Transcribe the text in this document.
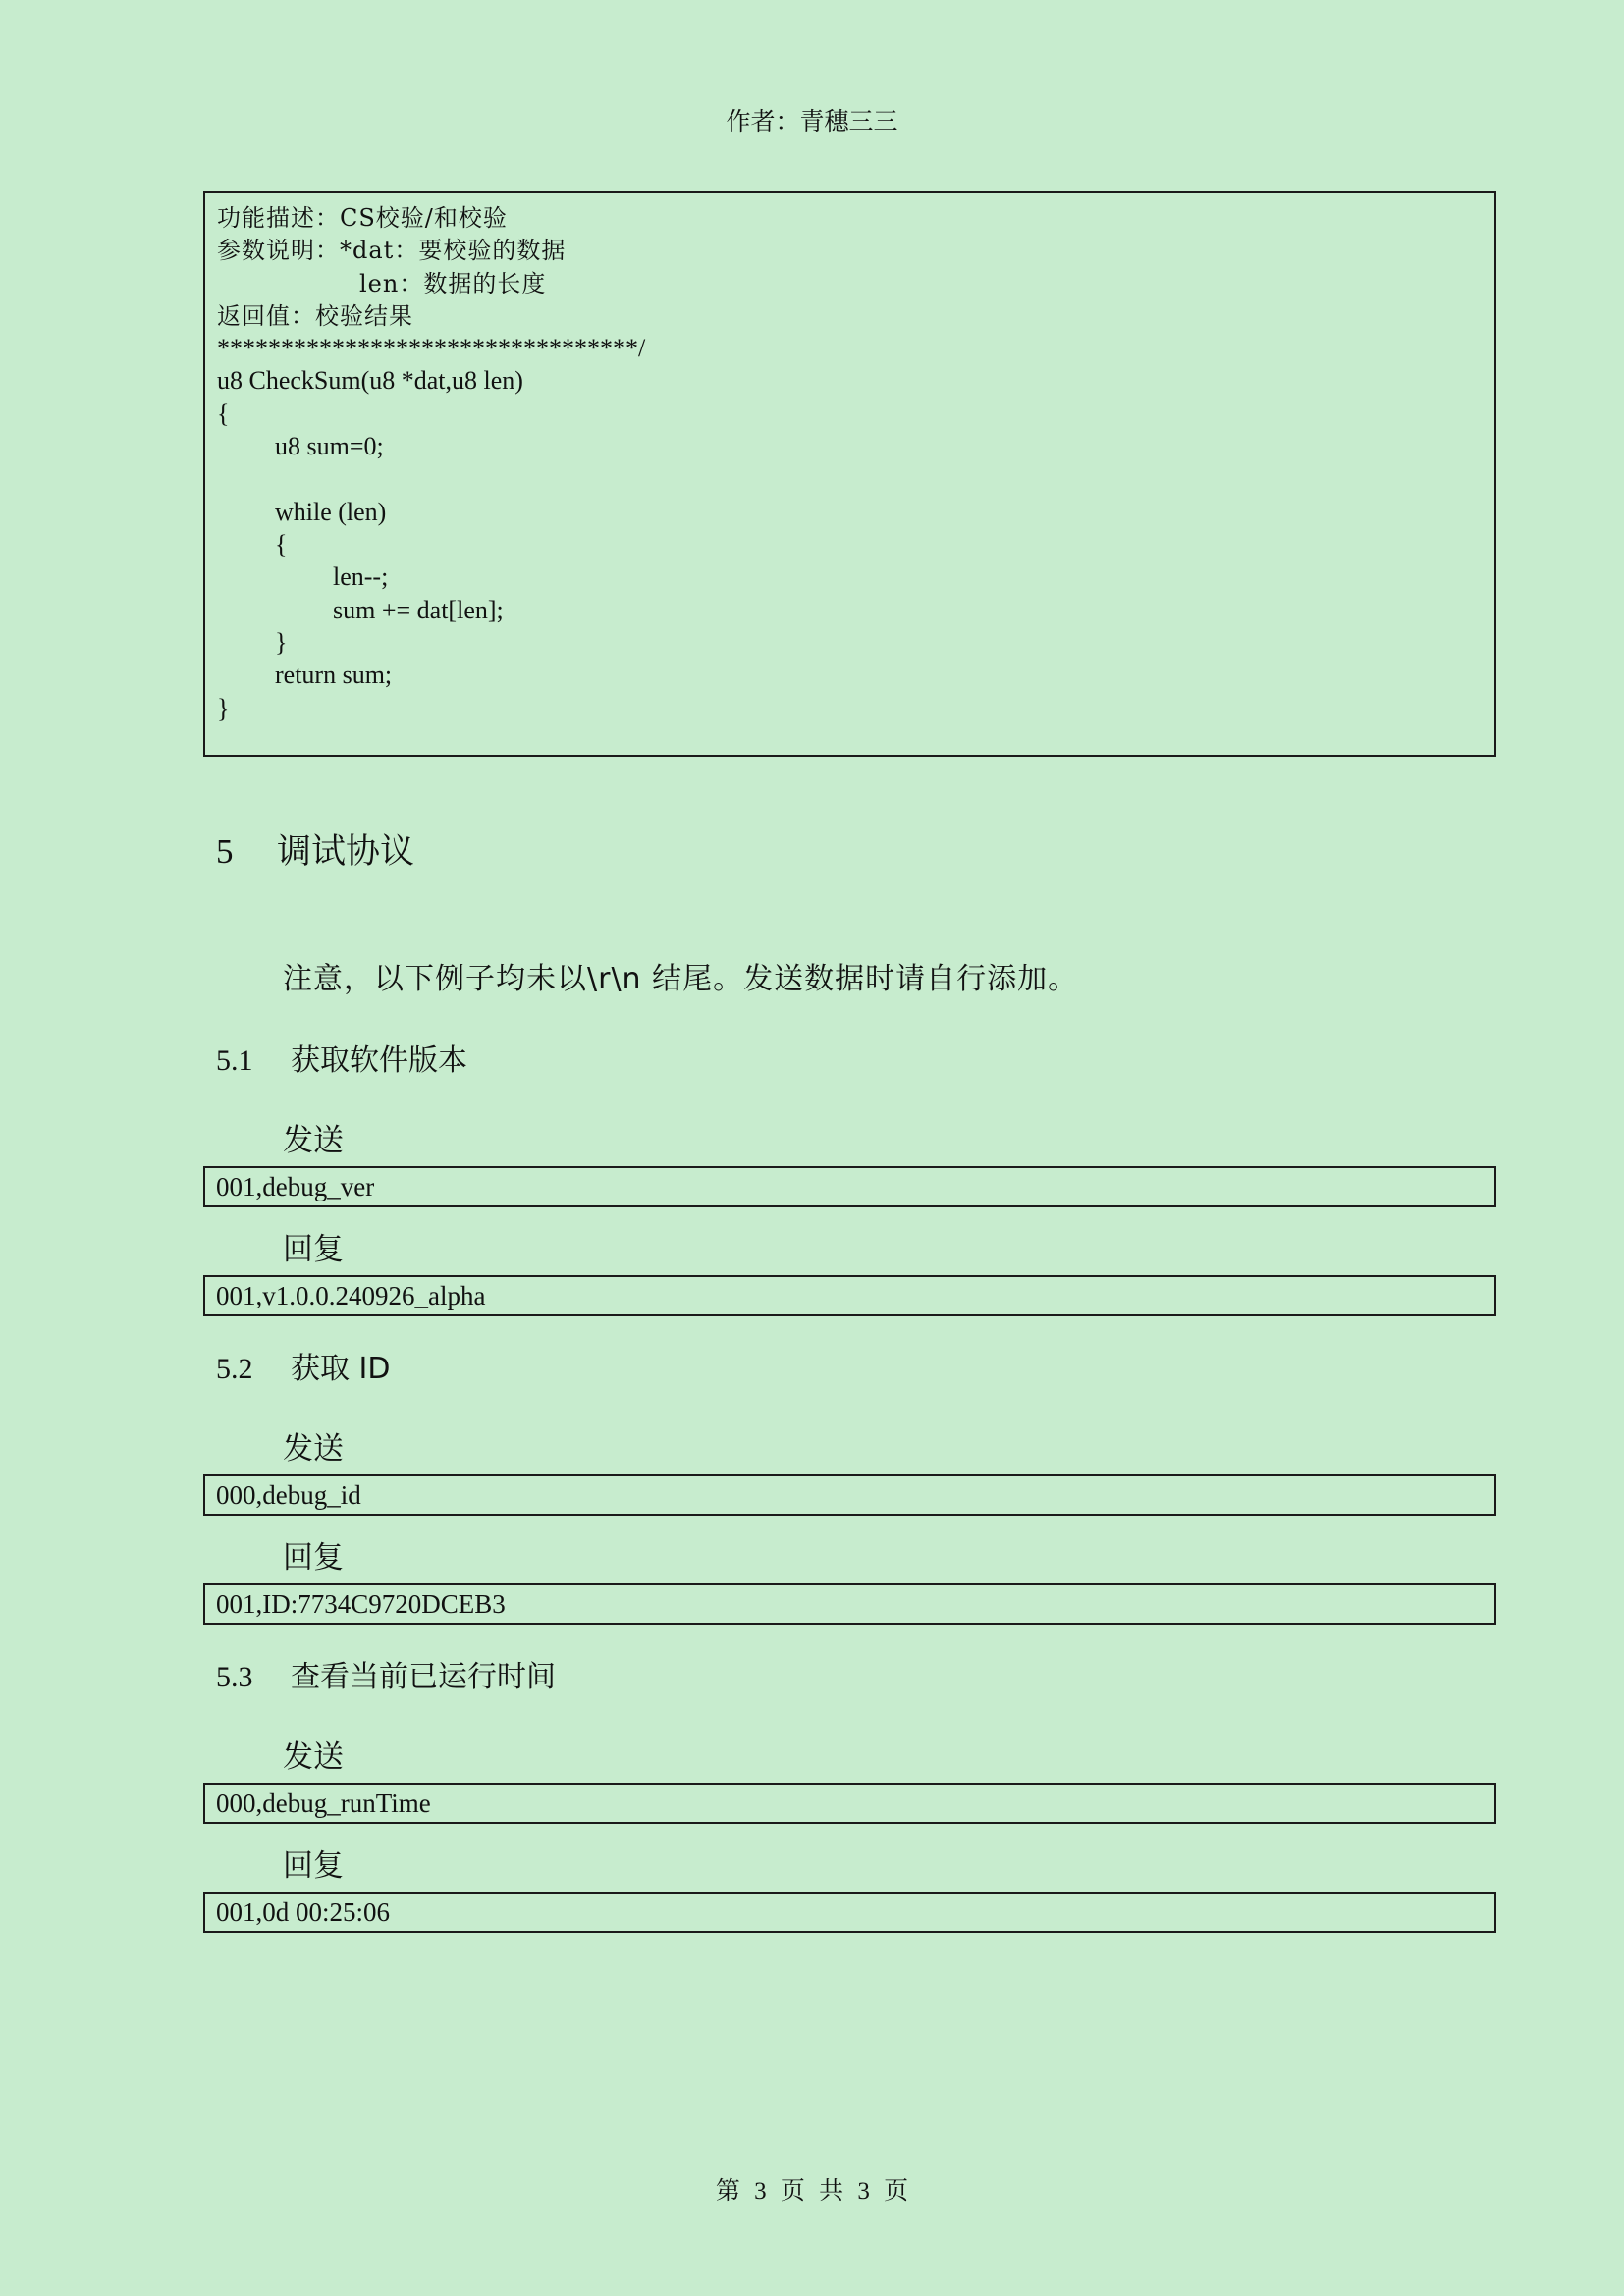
作者：青穗三三
功能描述：CS校验/和校验
参数说明：*dat：要校验的数据
len：数据的长度
返回值：校验结果
*********************************/
u8 CheckSum(u8 *dat,u8 len)
{
u8 sum=0;
while (len)
{
len--;
sum += dat[len];
}
return sum;
}
5 调试协议
注意，以下例子均未以\r\n 结尾。发送数据时请自行添加。
5.1 获取软件版本
发送
001,debug_ver
回复
001,v1.0.0.240926_alpha
5.2 获取 ID
发送
000,debug_id
回复
001,ID:7734C9720DCEB3
5.3 查看当前已运行时间
发送
000,debug_runTime
回复
001,0d 00:25:06
第 3 页 共 3 页
